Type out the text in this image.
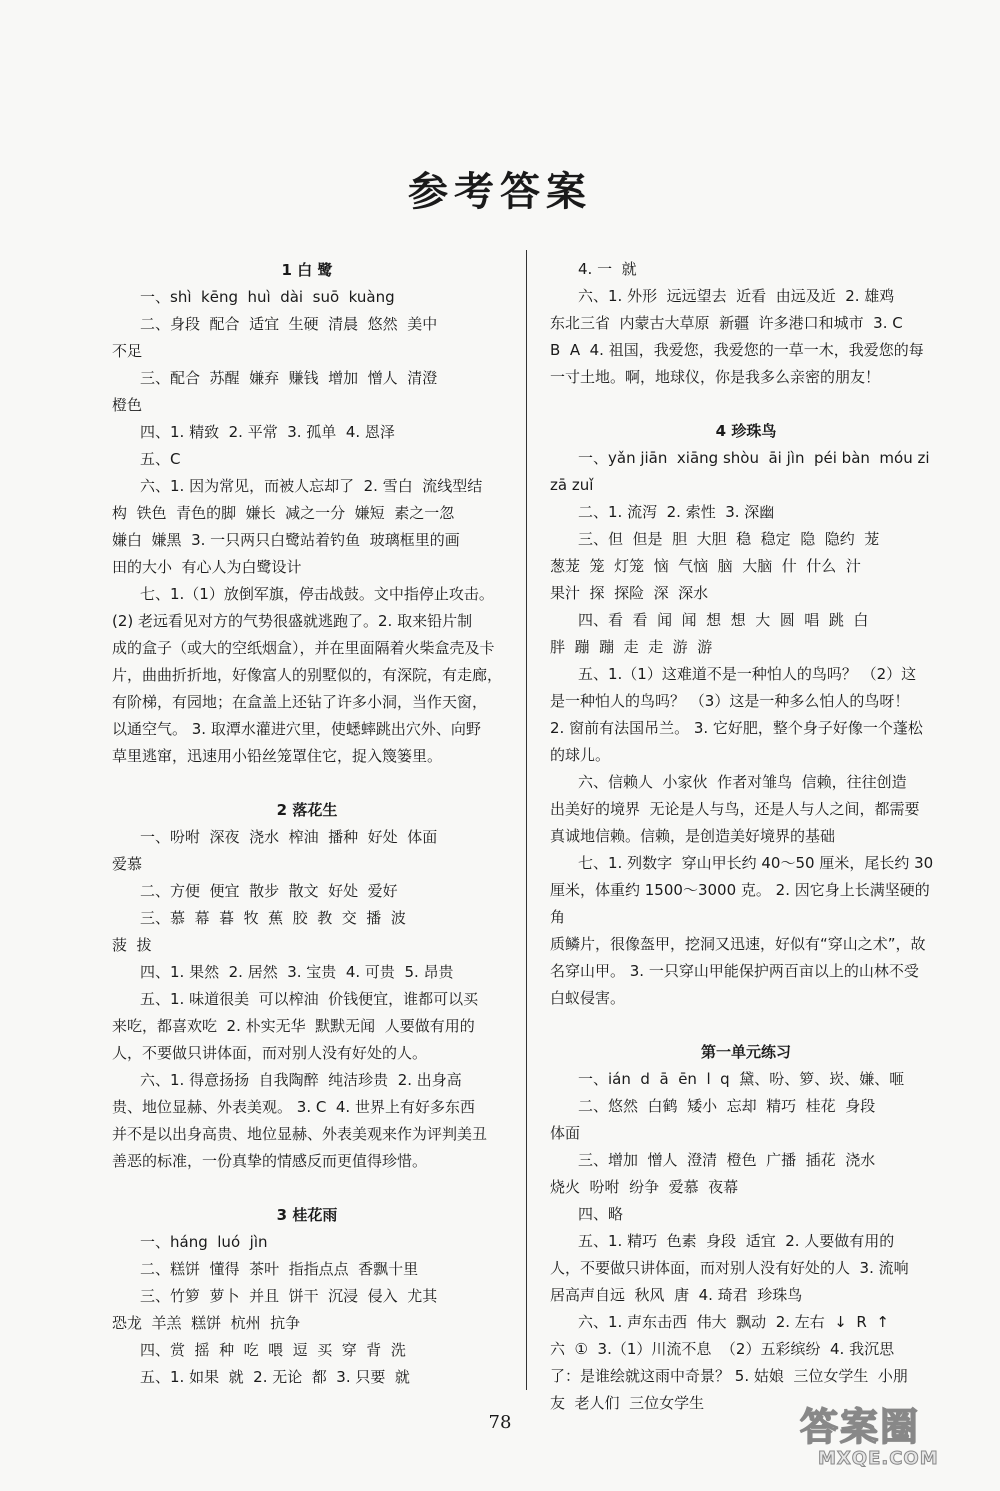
参考答案
1 白 鹭
一、shì  kēng  huì  dài  suō  kuàng
二、身段  配合  适宜  生硬  清晨  悠然  美中
不足
三、配合  苏醒  嫌弃  赚钱  增加  憎人  清澄
橙色
四、1. 精致  2. 平常  3. 孤单  4. 恩泽
五、C
六、1. 因为常见，而被人忘却了  2. 雪白  流线型结
构  铁色  青色的脚  嫌长  减之一分  嫌短  素之一忽
嫌白  嫌黑  3. 一只两只白鹭站着钓鱼  玻璃框里的画
田的大小  有心人为白鹭设计
七、1.（1）放倒军旗，停击战鼓。文中指停止攻击。
(2) 老远看见对方的气势很盛就逃跑了。2. 取来铅片制
成的盒子（或大的空纸烟盒），并在里面隔着火柴盒壳及卡
片，曲曲折折地，好像富人的别墅似的，有深院，有走廊，
有阶梯，有园地；在盒盖上还钻了许多小洞，当作天窗，
以通空气。 3. 取潭水灌进穴里，使蟋蟀跳出穴外、向野
草里逃窜，迅速用小铅丝笼罩住它，捉入篾篓里。
2 落花生
一、吩咐  深夜  浇水  榨油  播种  好处  体面
爱慕
二、方便  便宜  散步  散文  好处  爱好
三、慕  幕  暮  牧  蕉  胶  教  交  播  波
菠  拔
四、1. 果然  2. 居然  3. 宝贵  4. 可贵  5. 昂贵
五、1. 味道很美  可以榨油  价钱便宜，谁都可以买
来吃，都喜欢吃  2. 朴实无华  默默无闻  人要做有用的
人，不要做只讲体面，而对别人没有好处的人。
六、1. 得意扬扬  自我陶醉  纯洁珍贵  2. 出身高
贵、地位显赫、外表美观。 3. C  4. 世界上有好多东西
并不是以出身高贵、地位显赫、外表美观来作为评判美丑
善恶的标准，一份真挚的情感反而更值得珍惜。
3 桂花雨
一、háng  luó  jìn
二、糕饼  懂得  茶叶  指指点点  香飘十里
三、竹箩  萝卜  并且  饼干  沉浸  侵入  尤其
恐龙  羊羔  糕饼  杭州  抗争
四、赏  摇  种  吃  喂  逗  买  穿  背  洗
五、1. 如果  就  2. 无论  都  3. 只要  就
4. 一  就
六、1. 外形  远远望去  近看  由远及近  2. 雄鸡
东北三省  内蒙古大草原  新疆  许多港口和城市  3. C
B  A  4. 祖国，我爱您，我爱您的一草一木，我爱您的每
一寸土地。啊，地球仪，你是我多么亲密的朋友！
4 珍珠鸟
一、yǎn jiān  xiāng shòu  āi jìn  péi bàn  móu zi
zā zuǐ
二、1. 流泻  2. 索性  3. 深幽
三、但  但是  胆  大胆  稳  稳定  隐  隐约  茏
葱茏  笼  灯笼  恼  气恼  脑  大脑  什  什么  汁
果汁  探  探险  深  深水
四、看  看  闻  闻  想  想  大  圆  唱  跳  白
胖  蹦  蹦  走  走  游  游
五、1.（1）这难道不是一种怕人的鸟吗？ （2）这
是一种怕人的鸟吗？ （3）这是一种多么怕人的鸟呀！
2. 窗前有法国吊兰。 3. 它好肥，整个身子好像一个蓬松
的球儿。
六、信赖人  小家伙  作者对雏鸟  信赖，往往创造
出美好的境界  无论是人与鸟，还是人与人之间，都需要
真诚地信赖。信赖，是创造美好境界的基础
七、1. 列数字  穿山甲长约 40～50 厘米，尾长约 30
厘米，体重约 1500～3000 克。 2. 因它身上长满坚硬的角
质鳞片，很像盔甲，挖洞又迅速，好似有“穿山之术”，故
名穿山甲。 3. 一只穿山甲能保护两百亩以上的山林不受
白蚁侵害。
第一单元练习
一、ián  d  ā  ēn  l  q  黛、吩、箩、崁、嫌、咂
二、悠然  白鹤  矮小  忘却  精巧  桂花  身段
体面
三、增加  憎人  澄清  橙色  广播  插花  浇水
烧火  吩咐  纷争  爱慕  夜幕
四、略
五、1. 精巧  色素  身段  适宜  2. 人要做有用的
人，不要做只讲体面，而对别人没有好处的人  3. 流响
居高声自远  秋风  唐  4. 琦君  珍珠鸟
六、1. 声东击西  伟大  飘动  2. 左右  ↓  R  ↑
六  ①  3.（1）川流不息  （2）五彩缤纷  4. 我沉思
了：是谁绘就这雨中奇景？ 5. 姑娘  三位女学生  小朋
友  老人们  三位女学生
78	答案圈
MXQE.COM
